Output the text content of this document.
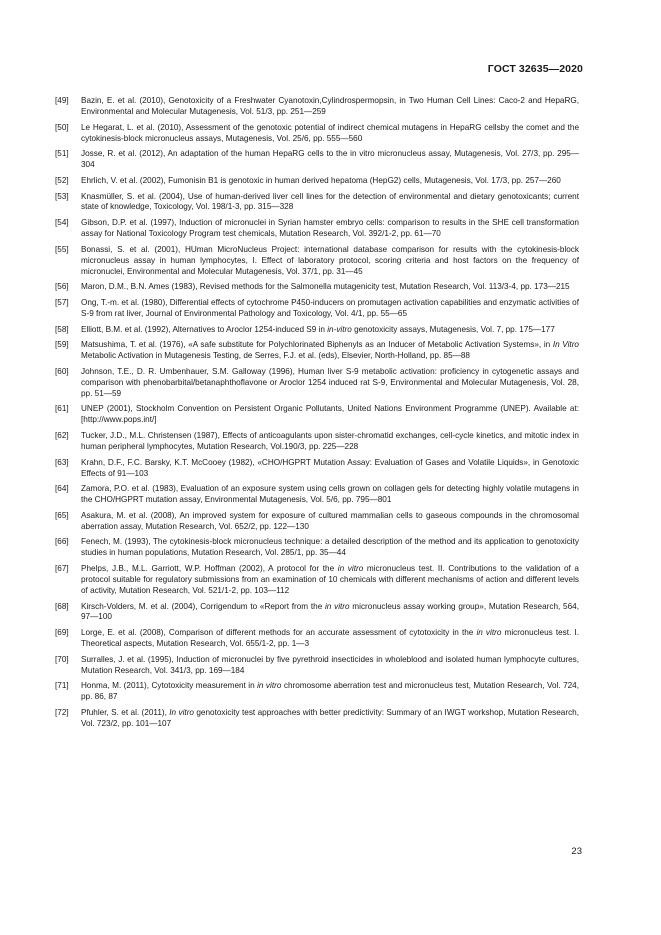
ГОСТ 32635—2020
[49]	Bazin, E. et al. (2010), Genotoxicity of a Freshwater Cyanotoxin,Cylindrospermopsin, in Two Human Cell Lines: Caco-2 and HepaRG, Environmental and Molecular Mutagenesis, Vol. 51/3, pp. 251—259
[50]	Le Hegarat, L. et al. (2010), Assessment of the genotoxic potential of indirect chemical mutagens in HepaRG cellsby the comet and the cytokinesis-block micronucleus assays, Mutagenesis, Vol. 25/6, pp. 555—560
[51]	Josse, R. et al. (2012), An adaptation of the human HepaRG cells to the in vitro micronucleus assay, Mutagenesis, Vol. 27/3, pp. 295—304
[52]	Ehrlich, V. et al. (2002), Fumonisin B1 is genotoxic in human derived hepatoma (HepG2) cells, Mutagenesis, Vol. 17/3, pp. 257—260
[53]	Knasmüller, S. et al. (2004), Use of human-derived liver cell lines for the detection of environmental and dietary genotoxicants; current state of knowledge, Toxicology, Vol. 198/1-3, pp. 315—328
[54]	Gibson, D.P. et al. (1997), Induction of micronuclei in Syrian hamster embryo cells: comparison to results in the SHE cell transformation assay for National Toxicology Program test chemicals, Mutation Research, Vol. 392/1-2, pp. 61—70
[55]	Bonassi, S. et al. (2001), HUman MicroNucleus Project: international database comparison for results with the cytokinesis-block micronucleus assay in human lymphocytes, I. Effect of laboratory protocol, scoring criteria and host factors on the frequency of micronuclei, Environmental and Molecular Mutagenesis, Vol. 37/1, pp. 31—45
[56]	Maron, D.M., B.N. Ames (1983), Revised methods for the Salmonella mutagenicity test, Mutation Research, Vol. 113/3-4, pp. 173—215
[57]	Ong, T.-m. et al. (1980), Differential effects of cytochrome P450-inducers on promutagen activation capabilities and enzymatic activities of S-9 from rat liver, Journal of Environmental Pathology and Toxicology, Vol. 4/1, pp. 55—65
[58]	Elliott, B.M. et al. (1992), Alternatives to Aroclor 1254-induced S9 in in-vitro genotoxicity assays, Mutagenesis, Vol. 7, pp. 175—177
[59]	Matsushima, T. et al. (1976), «A safe substitute for Polychlorinated Biphenyls as an Inducer of Metabolic Activation Systems», in In Vitro Metabolic Activation in Mutagenesis Testing, de Serres, F.J. et al. (eds), Elsevier, North-Holland, pp. 85—88
[60]	Johnson, T.E., D. R. Umbenhauer, S.M. Galloway (1996), Human liver S-9 metabolic activation: proficiency in cytogenetic assays and comparison with phenobarbital/betanaphthoflavone or Aroclor 1254 induced rat S-9, Environmental and Molecular Mutagenesis, Vol. 28, pp. 51—59
[61]	UNEP (2001), Stockholm Convention on Persistent Organic Pollutants, United Nations Environment Programme (UNEP). Available at: [http://www.pops.int/]
[62]	Tucker, J.D., M.L. Christensen (1987), Effects of anticoagulants upon sister-chromatid exchanges, cell-cycle kinetics, and mitotic index in human peripheral lymphocytes, Mutation Research, Vol.190/3, pp. 225—228
[63]	Krahn, D.F., F.C. Barsky, K.T. McCooey (1982), «CHO/HGPRT Mutation Assay: Evaluation of Gases and Volatile Liquids», in Genotoxic Effects of 91—103
[64]	Zamora, P.O. et al. (1983), Evaluation of an exposure system using cells grown on collagen gels for detecting highly volatile mutagens in the CHO/HGPRT mutation assay, Environmental Mutagenesis, Vol. 5/6, pp. 795—801
[65]	Asakura, M. et al. (2008), An improved system for exposure of cultured mammalian cells to gaseous compounds in the chromosomal aberration assay, Mutation Research, Vol. 652/2, pp. 122—130
[66]	Fenech, M. (1993), The cytokinesis-block micronucleus technique: a detailed description of the method and its application to genotoxicity studies in human populations, Mutation Research, Vol. 285/1, pp. 35—44
[67]	Phelps, J.B., M.L. Garriott, W.P. Hoffman (2002), A protocol for the in vitro micronucleus test. II. Contributions to the validation of a protocol suitable for regulatory submissions from an examination of 10 chemicals with different mechanisms of action and different levels of activity, Mutation Research, Vol. 521/1-2, pp. 103—112
[68]	Kirsch-Volders, M. et al. (2004), Corrigendum to «Report from the in vitro micronucleus assay working group», Mutation Research, 564, 97—100
[69]	Lorge, E. et al. (2008), Comparison of different methods for an accurate assessment of cytotoxicity in the in vitro micronucleus test. I. Theoretical aspects, Mutation Research, Vol. 655/1-2, pp. 1—3
[70]	Surralles, J. et al. (1995), Induction of micronuclei by five pyrethroid insecticides in wholeblood and isolated human lymphocyte cultures, Mutation Research, Vol. 341/3, pp. 169—184
[71]	Honma, M. (2011), Cytotoxicity measurement in in vitro chromosome aberration test and micronucleus test, Mutation Research, Vol. 724, pp. 86, 87
[72]	Pfuhler, S. et al. (2011), In vitro genotoxicity test approaches with better predictivity: Summary of an IWGT workshop, Mutation Research, Vol. 723/2, pp. 101—107
23
